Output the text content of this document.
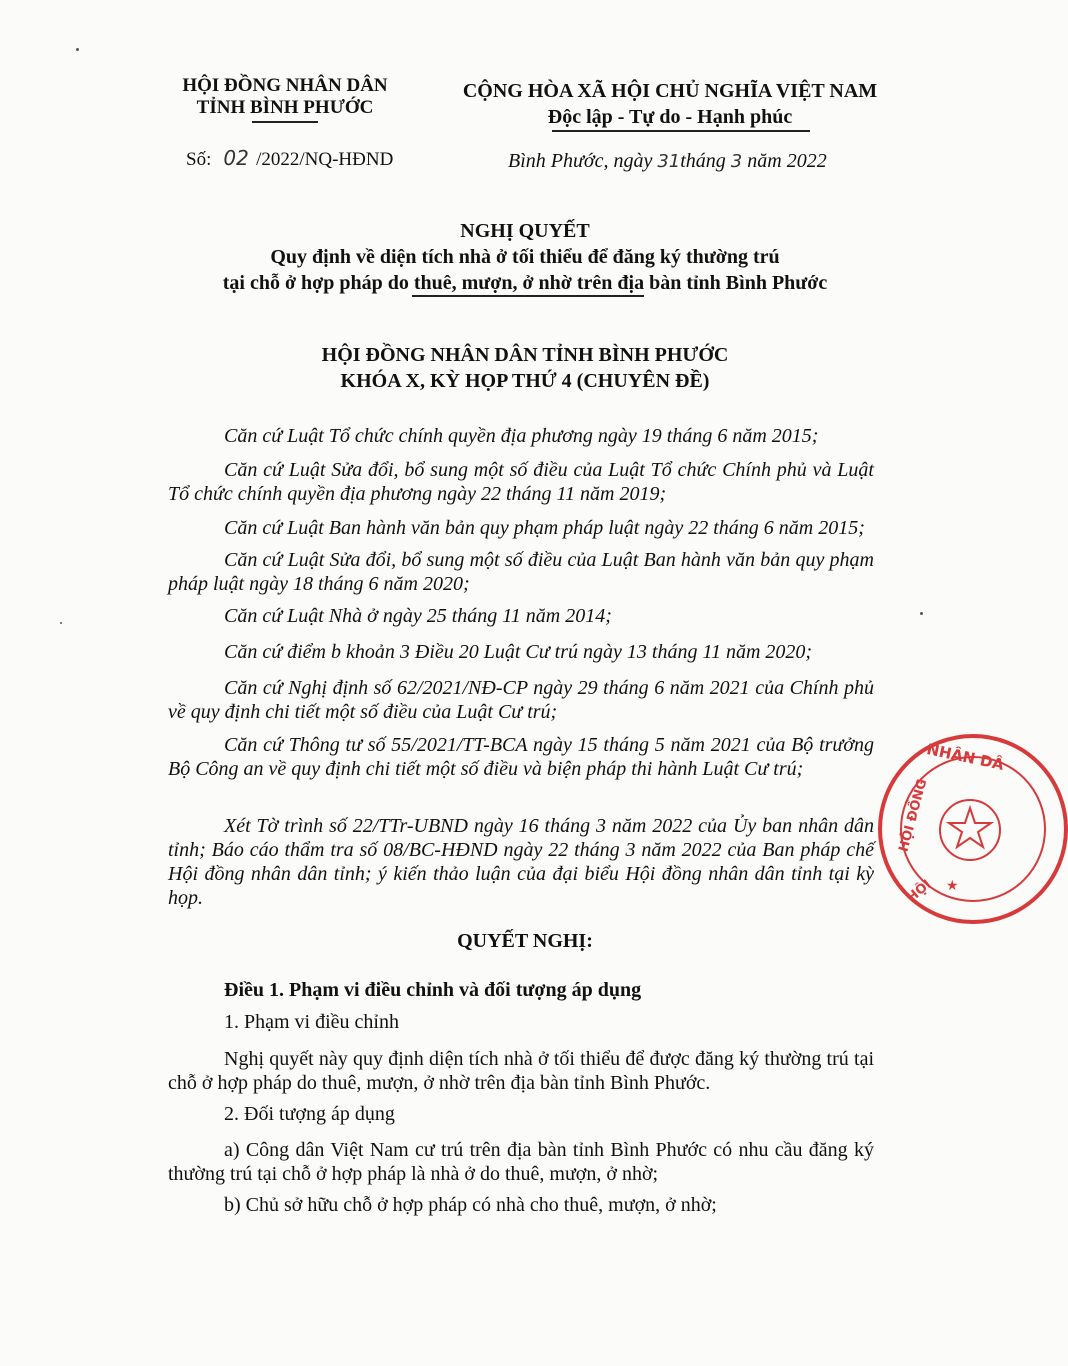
HỘI ĐỒNG NHÂN DÂN
TỈNH BÌNH PHƯỚC
CỘNG HÒA XÃ HỘI CHỦ NGHĨA VIỆT NAM
Độc lập - Tự do - Hạnh phúc
Số: 02 /2022/NQ-HĐND	Bình Phước, ngày 31tháng 3 năm 2022
NGHỊ QUYẾT
Quy định về diện tích nhà ở tối thiểu để đăng ký thường trú
tại chỗ ở hợp pháp do thuê, mượn, ở nhờ trên địa bàn tỉnh Bình Phước
HỘI ĐỒNG NHÂN DÂN TỈNH BÌNH PHƯỚC
KHÓA X, KỲ HỌP THỨ 4 (CHUYÊN ĐỀ)
Căn cứ Luật Tổ chức chính quyền địa phương ngày 19 tháng 6 năm 2015;
Căn cứ Luật Sửa đổi, bổ sung một số điều của Luật Tổ chức Chính phủ và Luật Tổ chức chính quyền địa phương ngày 22 tháng 11 năm 2019;
Căn cứ Luật Ban hành văn bản quy phạm pháp luật ngày 22 tháng 6 năm 2015;
Căn cứ Luật Sửa đổi, bổ sung một số điều của Luật Ban hành văn bản quy phạm pháp luật ngày 18 tháng 6 năm 2020;
Căn cứ Luật Nhà ở ngày 25 tháng 11 năm 2014;
Căn cứ điểm b khoản 3 Điều 20 Luật Cư trú ngày 13 tháng 11 năm 2020;
Căn cứ Nghị định số 62/2021/NĐ-CP ngày 29 tháng 6 năm 2021 của Chính phủ về quy định chi tiết một số điều của Luật Cư trú;
Căn cứ Thông tư số 55/2021/TT-BCA ngày 15 tháng 5 năm 2021 của Bộ trưởng Bộ Công an về quy định chi tiết một số điều và biện pháp thi hành Luật Cư trú;
Xét Tờ trình số 22/TTr-UBND ngày 16 tháng 3 năm 2022 của Ủy ban nhân dân tỉnh; Báo cáo thẩm tra số 08/BC-HĐND ngày 22 tháng 3 năm 2022 của Ban pháp chế Hội đồng nhân dân tỉnh; ý kiến thảo luận của đại biểu Hội đồng nhân dân tỉnh tại kỳ họp.
QUYẾT NGHỊ:
Điều 1. Phạm vi điều chỉnh và đối tượng áp dụng
1. Phạm vi điều chỉnh
Nghị quyết này quy định diện tích nhà ở tối thiểu để được đăng ký thường trú tại chỗ ở hợp pháp do thuê, mượn, ở nhờ trên địa bàn tỉnh Bình Phước.
2. Đối tượng áp dụng
a) Công dân Việt Nam cư trú trên địa bàn tỉnh Bình Phước có nhu cầu đăng ký thường trú tại chỗ ở hợp pháp là nhà ở do thuê, mượn, ở nhờ;
b) Chủ sở hữu chỗ ở hợp pháp có nhà cho thuê, mượn, ở nhờ;
NHÂN DÂ
HỘI ĐỒNG
HỘI ★
